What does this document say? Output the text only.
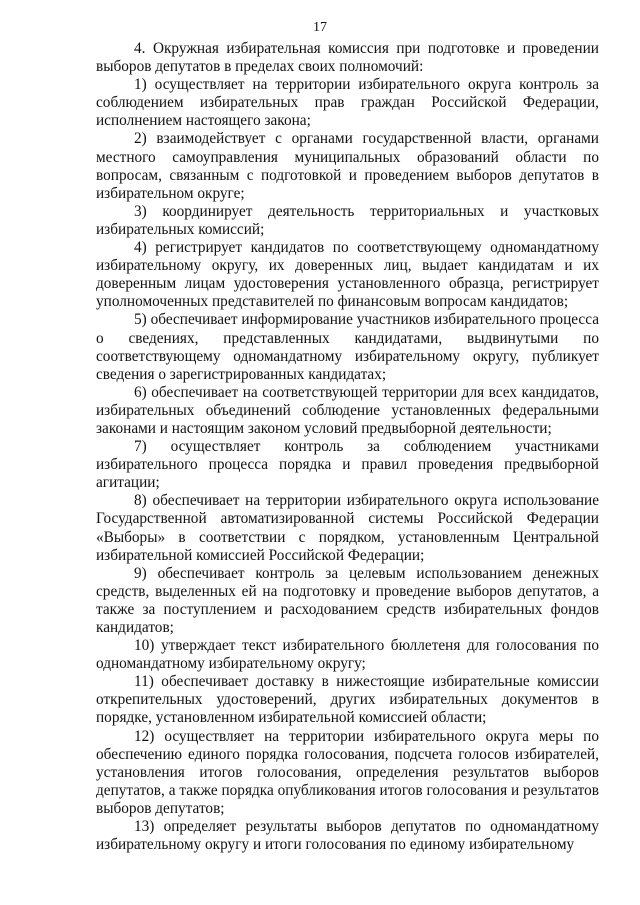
17

4. Окружная избирательная комиссия при подготовке и проведении выборов депутатов в пределах своих полномочий:

1) осуществляет на территории избирательного округа контроль за соблюдением избирательных прав граждан Российской Федерации, исполнением настоящего закона;

2) взаимодействует с органами государственной власти, органами местного самоуправления муниципальных образований области по вопросам, связанным с подготовкой и проведением выборов депутатов в избирательном округе;

3) координирует деятельность территориальных и участковых избирательных комиссий;

4) регистрирует кандидатов по соответствующему одномандатному избирательному округу, их доверенных лиц, выдает кандидатам и их доверенным лицам удостоверения установленного образца, регистрирует уполномоченных представителей по финансовым вопросам кандидатов;

5) обеспечивает информирование участников избирательного процесса о сведениях, представленных кандидатами, выдвинутыми по соответствующему одномандатному избирательному округу, публикует сведения о зарегистрированных кандидатах;

6) обеспечивает на соответствующей территории для всех кандидатов, избирательных объединений соблюдение установленных федеральными законами и настоящим законом условий предвыборной деятельности;

7) осуществляет контроль за соблюдением участниками избирательного процесса порядка и правил проведения предвыборной агитации;

8) обеспечивает на территории избирательного округа использование Государственной автоматизированной системы Российской Федерации «Выборы» в соответствии с порядком, установленным Центральной избирательной комиссией Российской Федерации;

9) обеспечивает контроль за целевым использованием денежных средств, выделенных ей на подготовку и проведение выборов депутатов, а также за поступлением и расходованием средств избирательных фондов кандидатов;

10) утверждает текст избирательного бюллетеня для голосования по одномандатному избирательному округу;

11) обеспечивает доставку в нижестоящие избирательные комиссии открепительных удостоверений, других избирательных документов в порядке, установленном избирательной комиссией области;

12) осуществляет на территории избирательного округа меры по обеспечению единого порядка голосования, подсчета голосов избирателей, установления итогов голосования, определения результатов выборов депутатов, а также порядка опубликования итогов голосования и результатов выборов депутатов;

13) определяет результаты выборов депутатов по одномандатному избирательному округу и итоги голосования по единому избирательному
